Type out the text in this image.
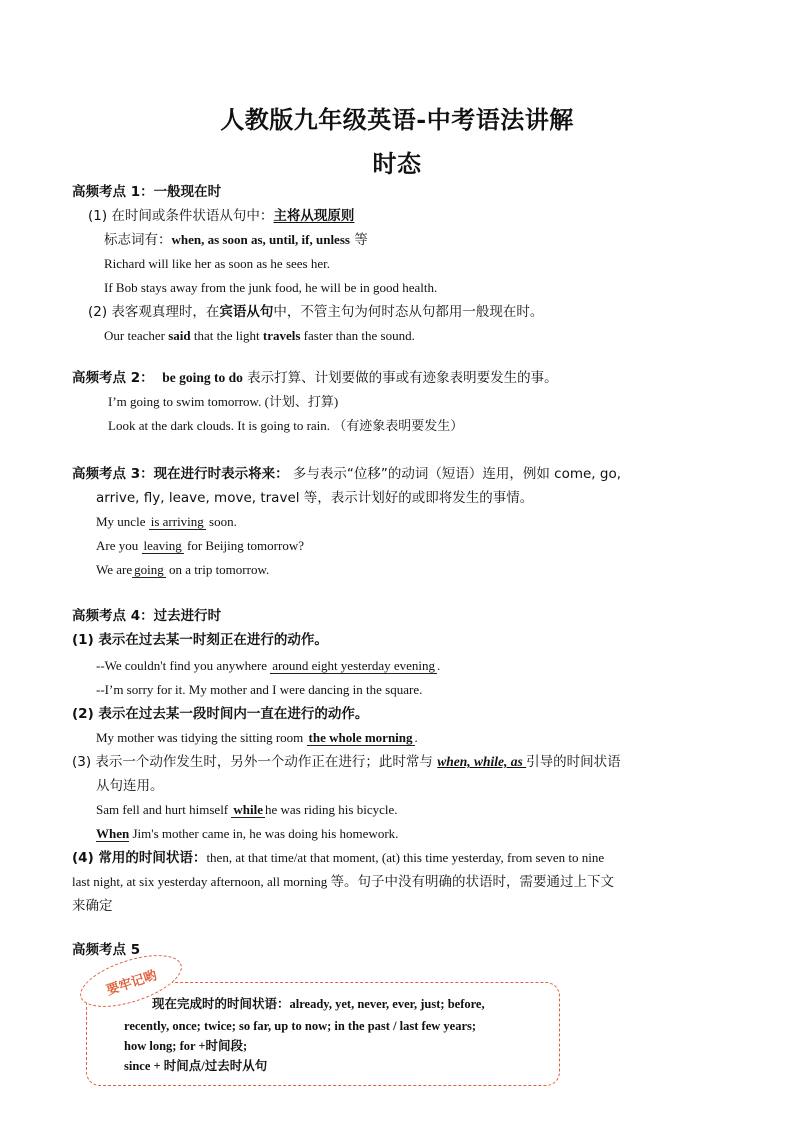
人教版九年级英语-中考语法讲解
时态
高频考点 1：一般现在时
(1) 在时间或条件状语从句中：主将从现原则
标志词有：when, as soon as, until, if, unless 等
Richard will like her as soon as he sees her.
If Bob stays away from the junk food, he will be in good health.
(2) 表客观真理时，在宾语从句中，不管主句为何时态从句都用一般现在时。
Our teacher said that the light travels faster than the sound.
高频考点 2： be going to do 表示打算、计划要做的事或有迹象表明要发生的事。
I’m going to swim tomorrow. (计划、打算)
Look at the dark clouds. It is going to rain. （有迹象表明要发生）
高频考点 3：现在进行时表示将来： 多与表示“位移”的动词（短语）连用，例如 come, go,
arrive, fly, leave, move, travel 等，表示计划好的或即将发生的事情。
My uncle is arriving soon.
Are you leaving for Beijing tomorrow?
We aregoing on a trip tomorrow.
高频考点 4：过去进行时
(1) 表示在过去某一时刻正在进行的动作。
--We couldn't find you anywhere around eight yesterday evening.
--I’m sorry for it. My mother and I were dancing in the square.
(2) 表示在过去某一段时间内一直在进行的动作。
My mother was tidying the sitting room the whole morning.
(3) 表示一个动作发生时，另外一个动作正在进行；此时常与 when, while, as 引导的时间状语
从句连用。
Sam fell and hurt himself whilehe was riding his bicycle.
When Jim's mother came in, he was doing his homework.
(4) 常用的时间状语：then, at that time/at that moment, (at) this time yesterday, from seven to nine
last night, at six yesterday afternoon, all morning 等。句子中没有明确的状语时，需要通过上下文
来确定
高频考点 5
要牢记哟
现在完成时的时间状语：already, yet, never, ever, just; before,
recently, once; twice; so far, up to now; in the past / last few years;
how long; for +时间段;
since + 时间点/过去时从句
